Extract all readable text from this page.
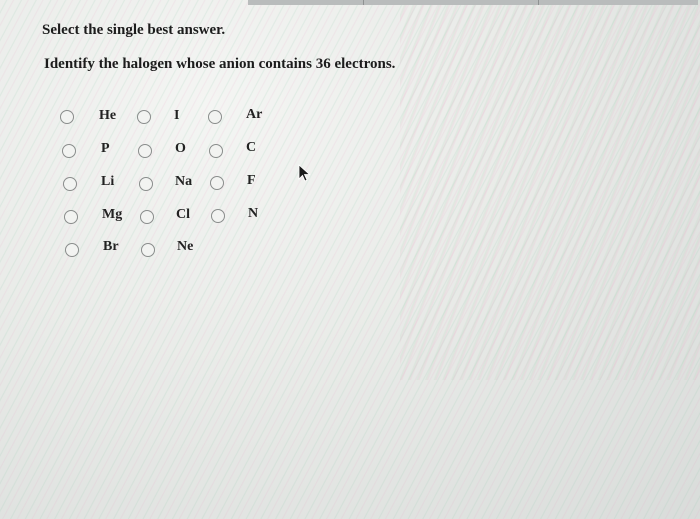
Select the single best answer.
Identify the halogen whose anion contains 36 electrons.
He	I	Ar
P	O	C
Li	Na	F
Mg	Cl	N
Br	Ne
